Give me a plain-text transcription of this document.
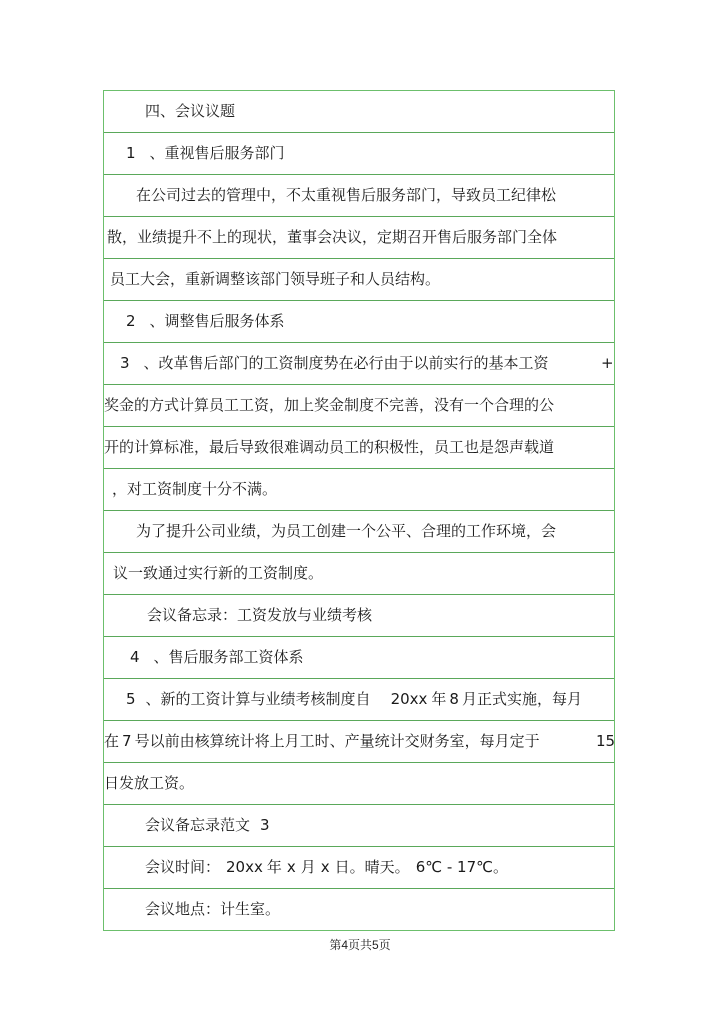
四、会议议题
1 、重视售后服务部门
在公司过去的管理中，不太重视售后服务部门，导致员工纪律松
散，业绩提升不上的现状，董事会决议，定期召开售后服务部门全体
员工大会，重新调整该部门领导班子和人员结构。
2 、调整售后服务体系
3 、改革售后部门的工资制度势在必行由于以前实行的基本工资	+
奖金的方式计算员工工资，加上奖金制度不完善，没有一个合理的公
开的计算标准，最后导致很难调动员工的积极性，员工也是怨声载道
，对工资制度十分不满。
为了提升公司业绩，为员工创建一个公平、合理的工作环境，会
议一致通过实行新的工资制度。
会议备忘录：工资发放与业绩考核
4 、售后服务部工资体系
5 、新的工资计算与业绩考核制度自 20xx 年 8 月正式实施，每月
在 7 号以前由核算统计将上月工时、产量统计交财务室，每月定于	15
日发放工资。
会议备忘录范文 3
会议时间： 20xx 年 x 月 x 日。晴天。 6℃ - 17℃。
会议地点：计生室。
第4页共5页
